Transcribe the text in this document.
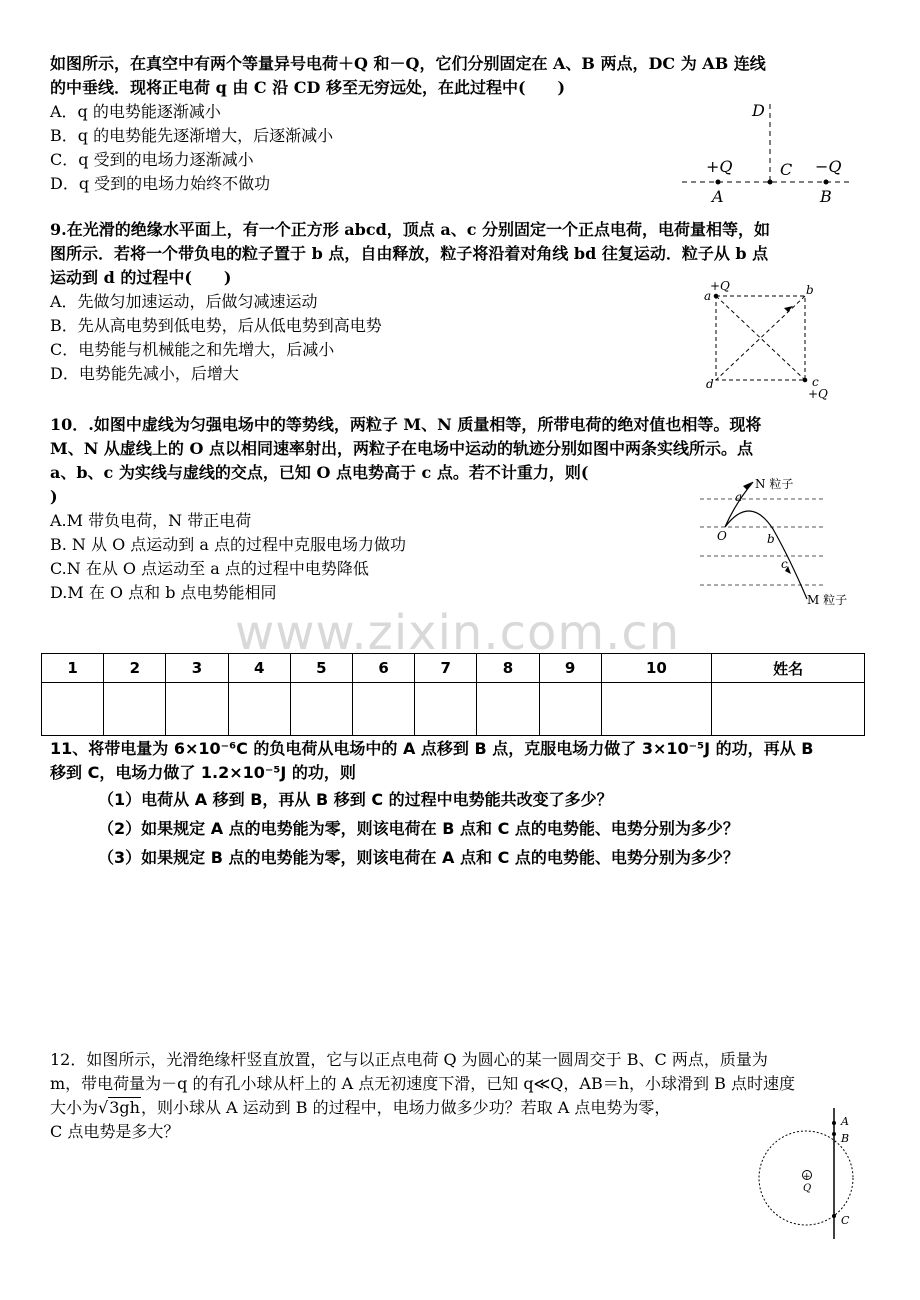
如图所示，在真空中有两个等量异号电荷＋Q 和－Q，它们分别固定在 A、B 两点，DC 为 AB 连线
的中垂线．现将正电荷 q 由 C 沿 CD 移至无穷远处，在此过程中(　　)
A．q 的电势能逐渐减小
B．q 的电势能先逐渐增大，后逐渐减小
C．q 受到的电场力逐渐减小
D．q 受到的电场力始终不做功
D
C
+Q	−Q
A	B
9.在光滑的绝缘水平面上，有一个正方形 abcd，顶点 a、c 分别固定一个正点电荷，电荷量相等，如
图所示．若将一个带负电的粒子置于 b 点，自由释放，粒子将沿着对角线 bd 往复运动．粒子从 b 点
运动到 d 的过程中(　　)
A．先做匀加速运动，后做匀减速运动
B．先从高电势到低电势，后从低电势到高电势
C．电势能与机械能之和先增大，后减小
D．电势能先减小，后增大
+Q
a	b
d	c
+Q
10．.如图中虚线为匀强电场中的等势线，两粒子 M、N 质量相等，所带电荷的绝对值也相等。现将
M、N 从虚线上的 O 点以相同速率射出，两粒子在电场中运动的轨迹分别如图中两条实线所示。点
a、b、c 为实线与虚线的交点，已知 O 点电势高于 c 点。若不计重力，则(
)
A.M 带负电荷，N 带正电荷
B. N 从 O 点运动到 a 点的过程中克服电场力做功
C.N 在从 O 点运动至 a 点的过程中电势降低
D.M 在 O 点和 b 点电势能相同
N 粒子
a
O	b
c
M 粒子
www.zixin.com.cn
1	2	3	4	5	6	7	8	9	10	姓名

11、将带电量为 6×10⁻⁶C 的负电荷从电场中的 A 点移到 B 点，克服电场力做了 3×10⁻⁵J 的功，再从 B
移到 C，电场力做了 1.2×10⁻⁵J 的功，则
（1）电荷从 A 移到 B，再从 B 移到 C 的过程中电势能共改变了多少？
（2）如果规定 A 点的电势能为零，则该电荷在 B 点和 C 点的电势能、电势分别为多少？
（3）如果规定 B 点的电势能为零，则该电荷在 A 点和 C 点的电势能、电势分别为多少？
12．如图所示，光滑绝缘杆竖直放置，它与以正点电荷 Q 为圆心的某一圆周交于 B、C 两点，质量为
m，带电荷量为－q 的有孔小球从杆上的 A 点无初速度下滑，已知 q≪Q，AB＝h，小球滑到 B 点时速度
大小为√3gh，则小球从 A 运动到 B 的过程中，电场力做多少功？若取 A 点电势为零，
C 点电势是多大？
+
A
B
Q
C
